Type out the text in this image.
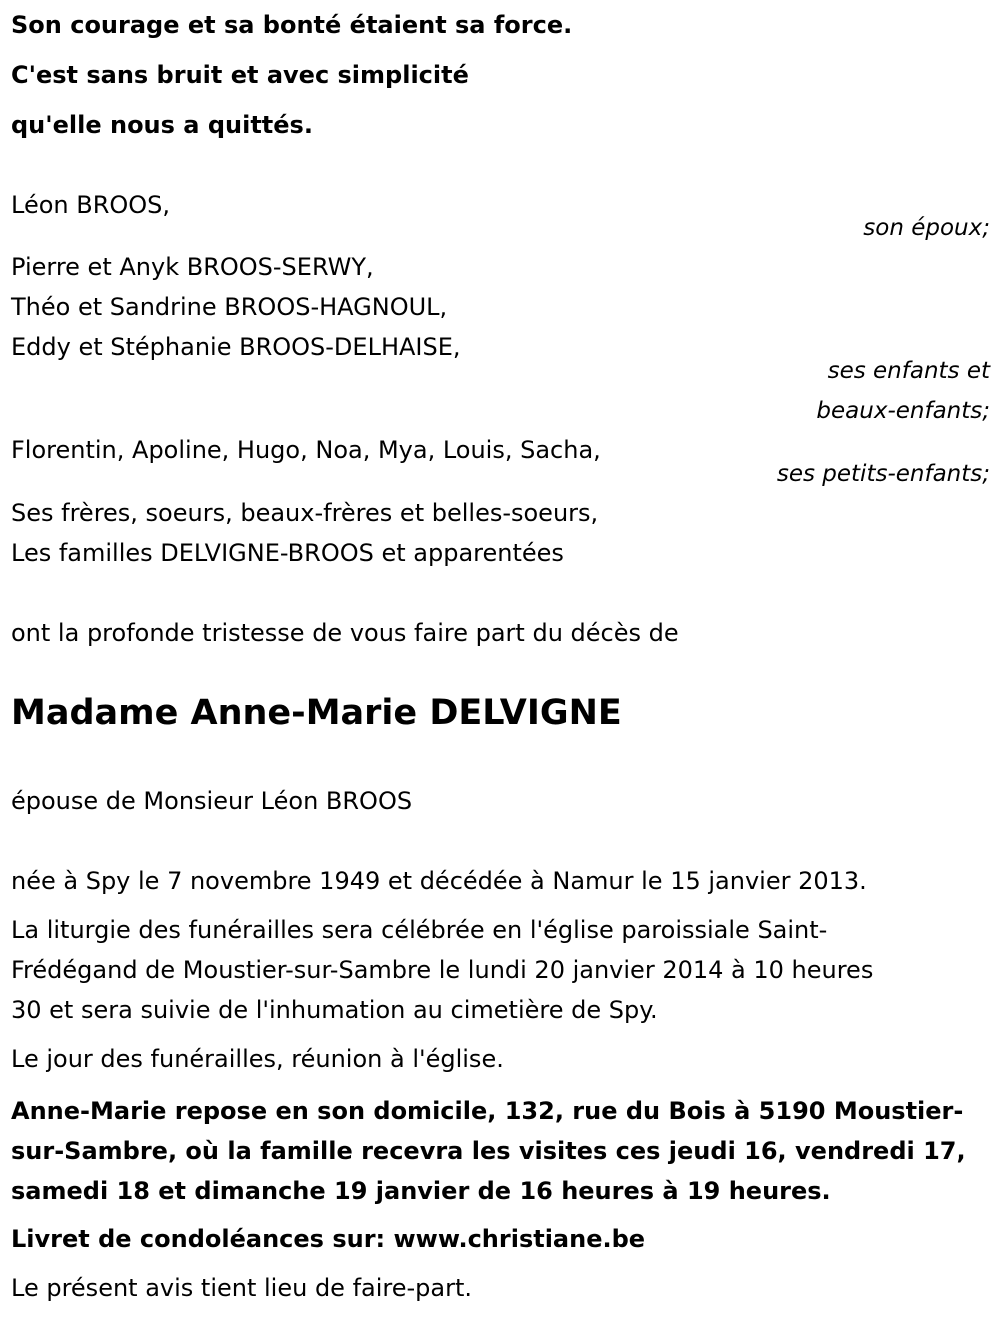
Son courage et sa bonté étaient sa force.
C'est sans bruit et avec simplicité
qu'elle nous a quittés.
Léon BROOS,
son époux;
Pierre et Anyk BROOS-SERWY,
Théo et Sandrine BROOS-HAGNOUL,
Eddy et Stéphanie BROOS-DELHAISE,
ses enfants et
beaux-enfants;
Florentin, Apoline, Hugo, Noa, Mya, Louis, Sacha,
ses petits-enfants;
Ses frères, soeurs, beaux-frères et belles-soeurs,
Les familles DELVIGNE-BROOS et apparentées
ont la profonde tristesse de vous faire part du décès de
Madame Anne-Marie DELVIGNE
épouse de Monsieur Léon BROOS
née à Spy le 7 novembre 1949 et décédée à Namur le 15 janvier 2013.
La liturgie des funérailles sera célébrée en l'église paroissiale Saint-
Frédégand de Moustier-sur-Sambre le lundi 20 janvier 2014 à 10 heures
30 et sera suivie de l'inhumation au cimetière de Spy.
Le jour des funérailles, réunion à l'église.
Anne-Marie repose en son domicile, 132, rue du Bois à 5190 Moustier-
sur-Sambre, où la famille recevra les visites ces jeudi 16, vendredi 17,
samedi 18 et dimanche 19 janvier de 16 heures à 19 heures.
Livret de condoléances sur: www.christiane.be
Le présent avis tient lieu de faire-part.
